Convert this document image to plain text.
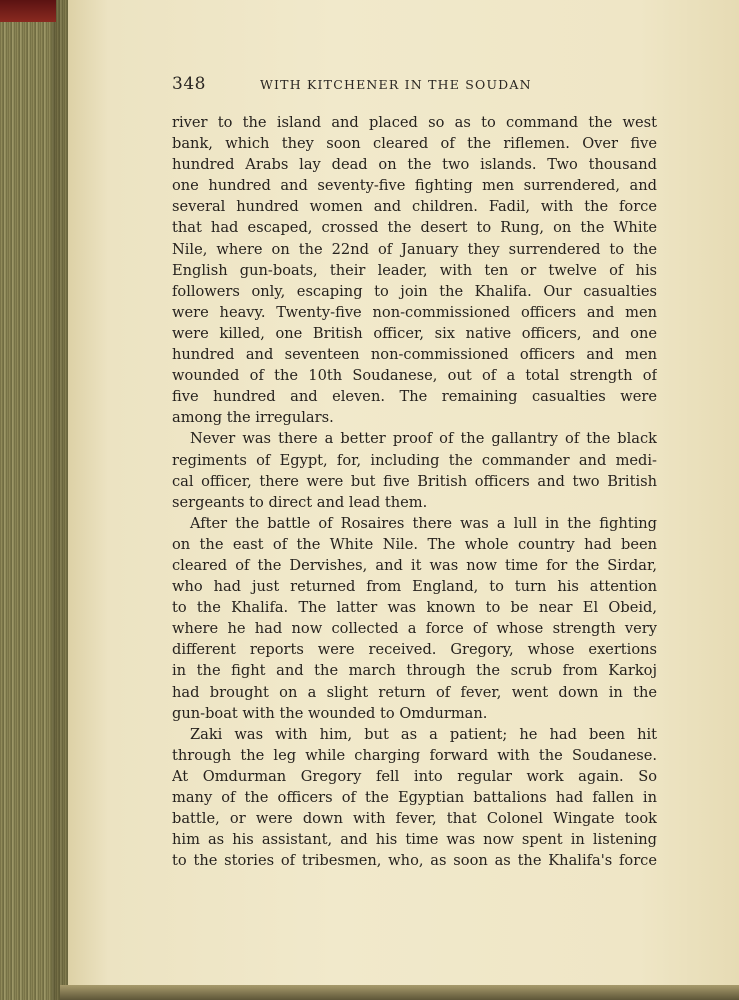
348	WITH KITCHENER IN THE SOUDAN
river to the island and placed so as to command the west
bank, which they soon cleared of the riflemen. Over five
hundred Arabs lay dead on the two islands. Two thousand
one hundred and seventy-five fighting men surrendered, and
several hundred women and children. Fadil, with the force
that had escaped, crossed the desert to Rung, on the White
Nile, where on the 22nd of January they surrendered to the
English gun-boats, their leader, with ten or twelve of his
followers only, escaping to join the Khalifa. Our casualties
were heavy. Twenty-five non-commissioned officers and men
were killed, one British officer, six native officers, and one
hundred and seventeen non-commissioned officers and men
wounded of the 10th Soudanese, out of a total strength of
five hundred and eleven. The remaining casualties were
among the irregulars.
Never was there a better proof of the gallantry of the black
regiments of Egypt, for, including the commander and medi-
cal officer, there were but five British officers and two British
sergeants to direct and lead them.
After the battle of Rosaires there was a lull in the fighting
on the east of the White Nile. The whole country had been
cleared of the Dervishes, and it was now time for the Sirdar,
who had just returned from England, to turn his attention
to the Khalifa. The latter was known to be near El Obeid,
where he had now collected a force of whose strength very
different reports were received. Gregory, whose exertions
in the fight and the march through the scrub from Karkoj
had brought on a slight return of fever, went down in the
gun-boat with the wounded to Omdurman.
Zaki was with him, but as a patient; he had been hit
through the leg while charging forward with the Soudanese.
At Omdurman Gregory fell into regular work again. So
many of the officers of the Egyptian battalions had fallen in
battle, or were down with fever, that Colonel Wingate took
him as his assistant, and his time was now spent in listening
to the stories of tribesmen, who, as soon as the Khalifa's force
